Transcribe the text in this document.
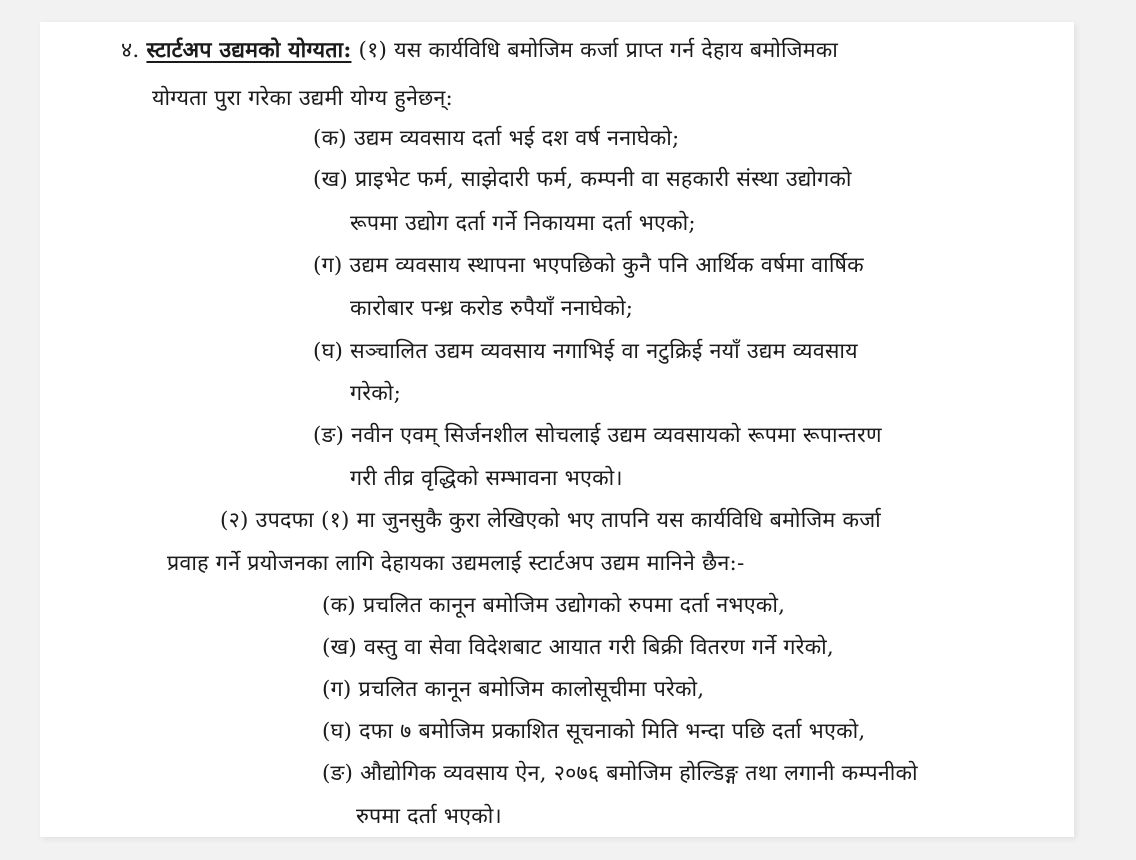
४. स्टार्टअप उद्यमको योग्यता: (१) यस कार्यविधि बमोजिम कर्जा प्राप्त गर्न देहाय बमोजिमका
योग्यता पुरा गरेका उद्यमी योग्य हुनेछन्:
(क) उद्यम व्यवसाय दर्ता भई दश वर्ष ननाघेको;
(ख) प्राइभेट फर्म, साझेदारी फर्म, कम्पनी वा सहकारी संस्था उद्योगको
रूपमा उद्योग दर्ता गर्ने निकायमा दर्ता भएको;
(ग) उद्यम व्यवसाय स्थापना भएपछिको कुनै पनि आर्थिक वर्षमा वार्षिक
कारोबार पन्ध्र करोड रुपैयाँ ननाघेको;
(घ) सञ्चालित उद्यम व्यवसाय नगाभिई वा नटुक्रिई नयाँ उद्यम व्यवसाय
गरेको;
(ङ) नवीन एवम् सिर्जनशील सोचलाई उद्यम व्यवसायको रूपमा रूपान्तरण
गरी तीव्र वृद्धिको सम्भावना भएको।
(२) उपदफा (१) मा जुनसुकै कुरा लेखिएको भए तापनि यस कार्यविधि बमोजिम कर्जा
प्रवाह गर्ने प्रयोजनका लागि देहायका उद्यमलाई स्टार्टअप उद्यम मानिने छैन:-
(क) प्रचलित कानून बमोजिम उद्योगको रुपमा दर्ता नभएको,
(ख) वस्तु वा सेवा विदेशबाट आयात गरी बिक्री वितरण गर्ने गरेको,
(ग) प्रचलित कानून बमोजिम कालोसूचीमा परेको,
(घ) दफा ७ बमोजिम प्रकाशित सूचनाको मिति भन्दा पछि दर्ता भएको,
(ङ) औद्योगिक व्यवसाय ऐन, २०७६ बमोजिम होल्डिङ्ग तथा लगानी कम्पनीको
रुपमा दर्ता भएको।
